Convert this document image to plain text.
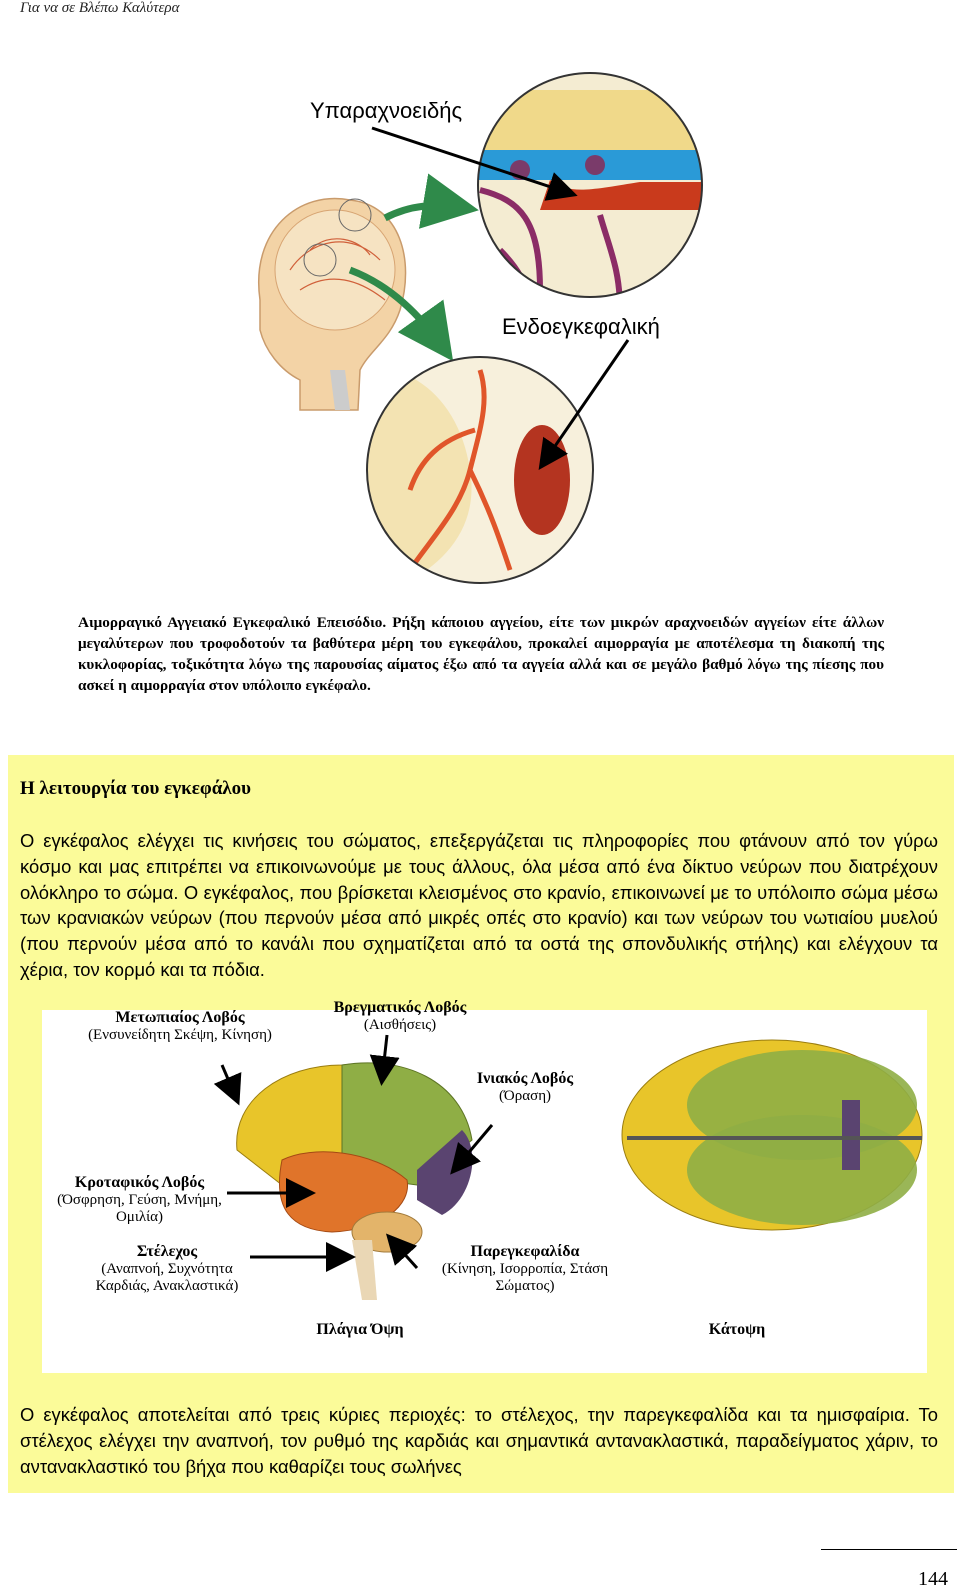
Για να σε Βλέπω Καλύτερα
Υπαραχνοειδής
Ενδοεγκεφαλική
Αιμορραγικό Αγγειακό Εγκεφαλικό Επεισόδιο. Ρήξη κάποιου αγγείου, είτε των μικρών αραχνοειδών αγγείων είτε άλλων μεγαλύτερων που τροφοδοτούν τα βαθύτερα μέρη του εγκεφάλου, προκαλεί αιμορραγία με αποτέλεσμα τη διακοπή της κυκλοφορίας, τοξικότητα λόγω της παρουσίας αίματος έξω από τα αγγεία αλλά και σε μεγάλο βαθμό λόγω της πίεσης που ασκεί η αιμορραγία στον υπόλοιπο εγκέφαλο.
Η λειτουργία του εγκεφάλου
Ο εγκέφαλος ελέγχει τις κινήσεις του σώματος, επεξεργάζεται τις πληροφορίες που φτάνουν από τον γύρω κόσμο και μας επιτρέπει να επικοινωνούμε με τους άλλους, όλα μέσα από ένα δίκτυο νεύρων που διατρέχουν ολόκληρο το σώμα. Ο εγκέφαλος, που βρίσκεται κλεισμένος στο κρανίο, επικοινωνεί με το υπόλοιπο σώμα μέσω των κρανιακών νεύρων (που περνούν μέσα από μικρές οπές στο κρανίο) και των νεύρων του νωτιαίου μυελού (που περνούν μέσα από το κανάλι που σχηματίζεται από τα οστά της σπονδυλικής στήλης) και ελέγχουν τα χέρια, τον κορμό και τα πόδια.
Μετωπιαίος Λοβός
(Ενσυνείδητη Σκέψη, Κίνηση)
Βρεγματικός Λοβός
(Αισθήσεις)
Ινιακός Λοβός
(Όραση)
Κροταφικός Λοβός
(Όσφρηση, Γεύση, Μνήμη,
Ομιλία)
Στέλεχος
(Αναπνοή, Συχνότητα
Καρδιάς, Ανακλαστικά)
Παρεγκεφαλίδα
(Κίνηση, Ισορροπία, Στάση
Σώματος)
Πλάγια Όψη	Κάτοψη
Ο εγκέφαλος αποτελείται από τρεις κύριες περιοχές: το στέλεχος, την παρεγκεφαλίδα και τα ημισφαίρια. Το στέλεχος ελέγχει την αναπνοή, τον ρυθμό της καρδιάς και σημαντικά αντανακλαστικά, παραδείγματος χάριν, το αντανακλαστικό του βήχα που καθαρίζει τους σωλήνες
144
